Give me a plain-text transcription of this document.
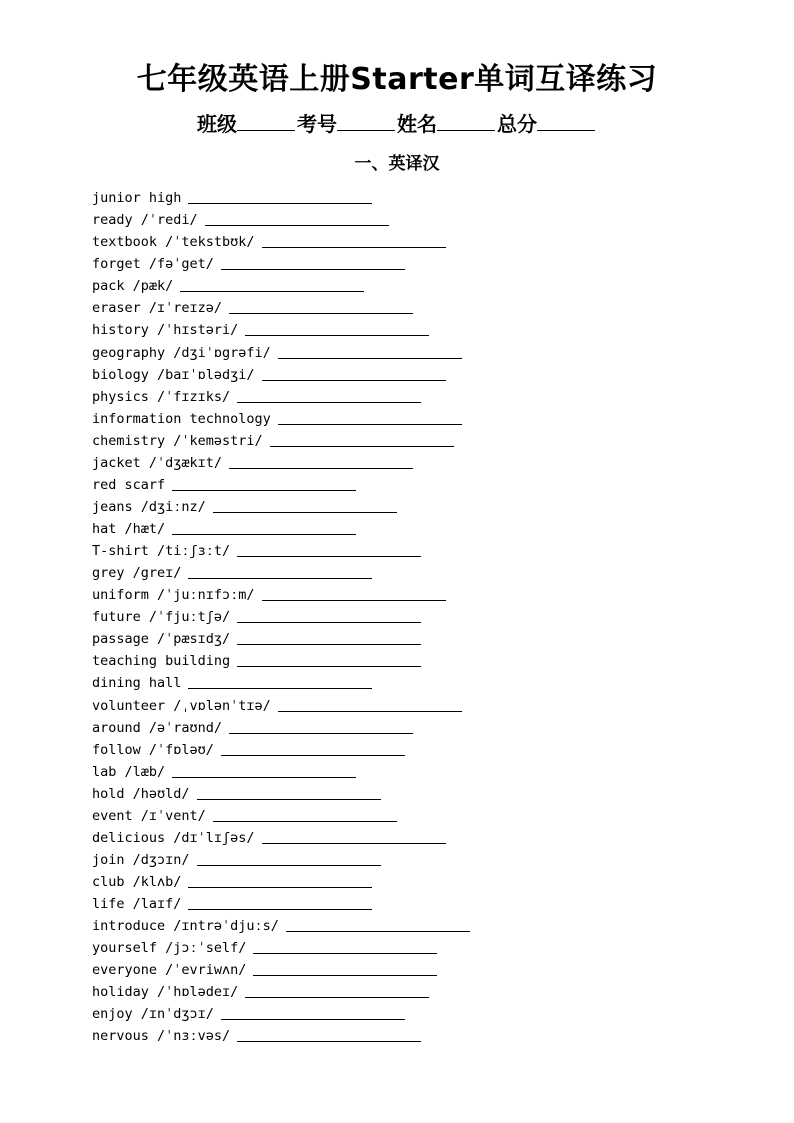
七年级英语上册Starter单词互译练习
班级	考号	姓名	总分
一、英译汉
junior high
ready /ˈredi/
textbook /ˈtekstbʊk/
forget /fəˈget/
pack /pæk/
eraser /ɪˈreɪzə/
history /ˈhɪstəri/
geography /dʒiˈɒgrəfi/
biology /baɪˈɒlədʒi/
physics /ˈfɪzɪks/
information technology
chemistry /ˈkeməstri/
jacket /ˈdʒækɪt/
red scarf
jeans /dʒiːnz/
hat /hæt/
T-shirt /tiːʃɜːt/
grey /greɪ/
uniform /ˈjuːnɪfɔːm/
future /ˈfjuːtʃə/
passage /ˈpæsɪdʒ/
teaching building
dining hall
volunteer /ˌvɒlənˈtɪə/
around /əˈraʊnd/
follow /ˈfɒləʊ/
lab /læb/
hold /həʊld/
event /ɪˈvent/
delicious /dɪˈlɪʃəs/
join /dʒɔɪn/
club /klʌb/
life /laɪf/
introduce /ɪntrəˈdjuːs/
yourself /jɔːˈself/
everyone /ˈevriwʌn/
holiday /ˈhɒlədeɪ/
enjoy /ɪnˈdʒɔɪ/
nervous /ˈnɜːvəs/
